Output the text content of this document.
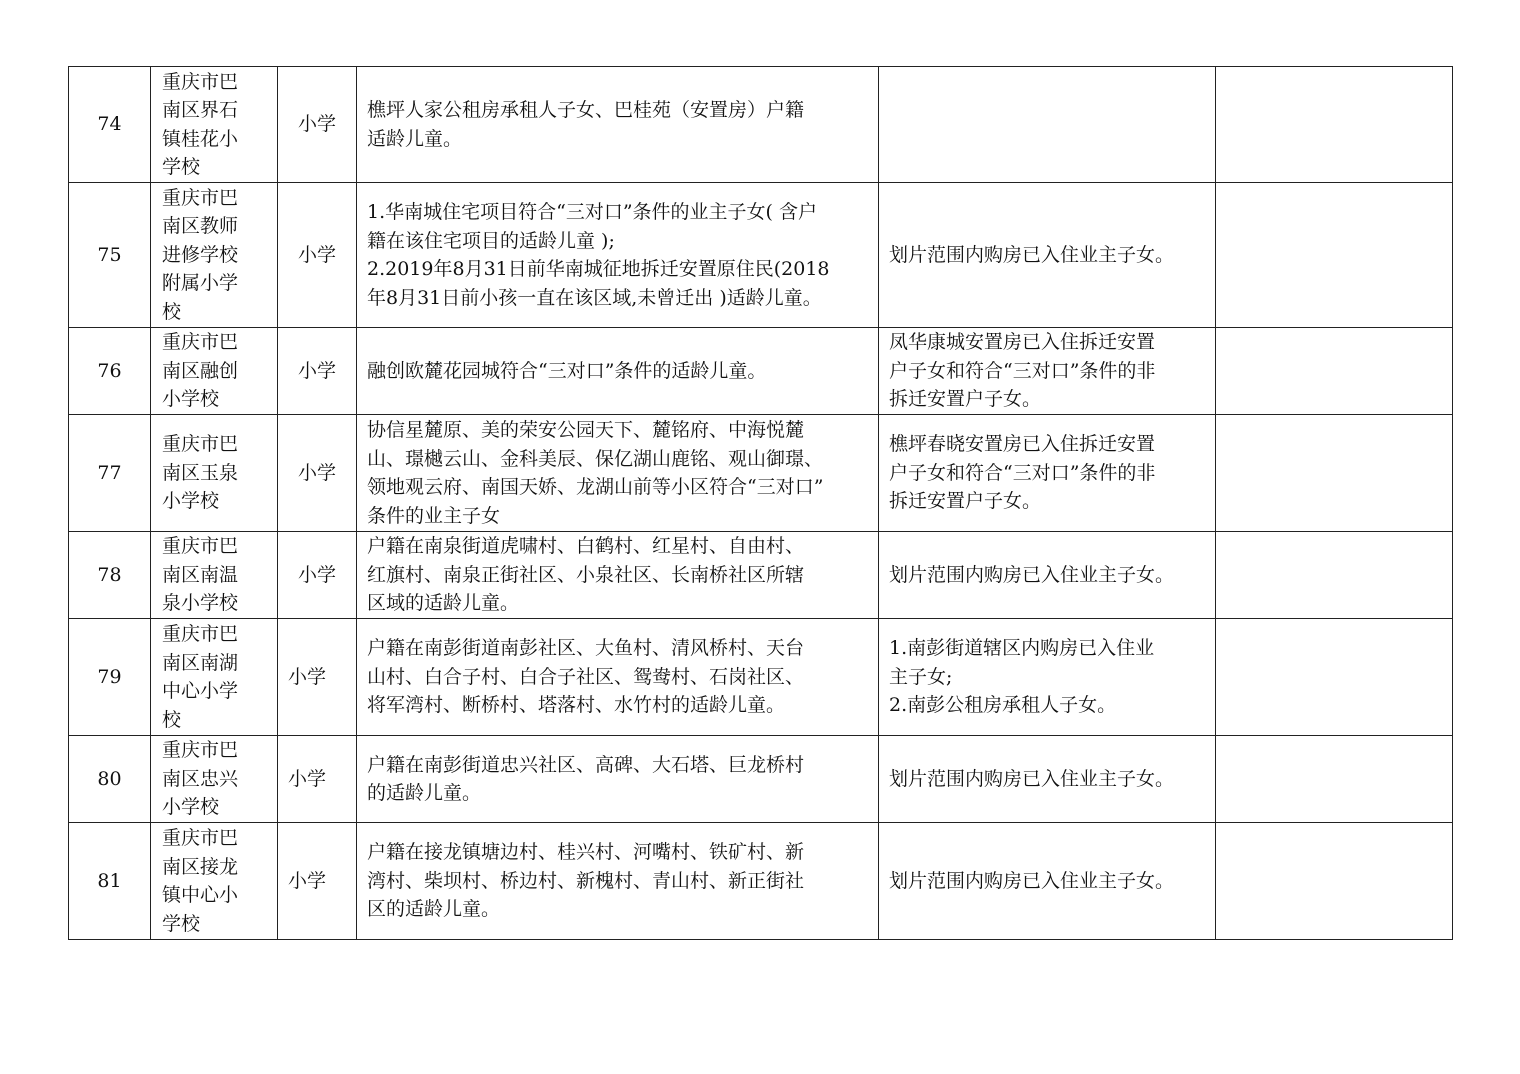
74	重庆市巴
南区界石
镇桂花小
学校	小学	樵坪人家公租房承租人子女、巴桂苑（安置房）户籍
适龄儿童。		

75	重庆市巴
南区教师
进修学校
附属小学
校	小学	1.华南城住宅项目符合“三对口”条件的业主子女( 含户
籍在该住宅项目的适龄儿童 );
2.2019年8月31日前华南城征地拆迁安置原住民(2018
年8月31日前小孩一直在该区域,未曾迁出 )适龄儿童。	划片范围内购房已入住业主子女。	

76	重庆市巴
南区融创
小学校	小学	融创欧麓花园城符合“三对口”条件的适龄儿童。	凤华康城安置房已入住拆迁安置
户子女和符合“三对口”条件的非
拆迁安置户子女。	

77	重庆市巴
南区玉泉
小学校	小学	协信星麓原、美的荣安公园天下、麓铭府、中海悦麓
山、璟樾云山、金科美辰、保亿湖山鹿铭、观山御璟、
领地观云府、南国天娇、龙湖山前等小区符合“三对口”
条件的业主子女	樵坪春晓安置房已入住拆迁安置
户子女和符合“三对口”条件的非
拆迁安置户子女。	

78	重庆市巴
南区南温
泉小学校	小学	户籍在南泉街道虎啸村、白鹤村、红星村、自由村、
红旗村、南泉正街社区、小泉社区、长南桥社区所辖
区域的适龄儿童。	划片范围内购房已入住业主子女。	

79	重庆市巴
南区南湖
中心小学
校	小学	户籍在南彭街道南彭社区、大鱼村、清风桥村、天台
山村、白合子村、白合子社区、鸳鸯村、石岗社区、
将军湾村、断桥村、塔落村、水竹村的适龄儿童。	1.南彭街道辖区内购房已入住业
主子女;
2.南彭公租房承租人子女。	

80	重庆市巴
南区忠兴
小学校	小学	户籍在南彭街道忠兴社区、高碑、大石塔、巨龙桥村
的适龄儿童。	划片范围内购房已入住业主子女。	

81	重庆市巴
南区接龙
镇中心小
学校	小学	户籍在接龙镇塘边村、桂兴村、河嘴村、铁矿村、新
湾村、柴坝村、桥边村、新槐村、青山村、新正街社
区的适龄儿童。	划片范围内购房已入住业主子女。	
